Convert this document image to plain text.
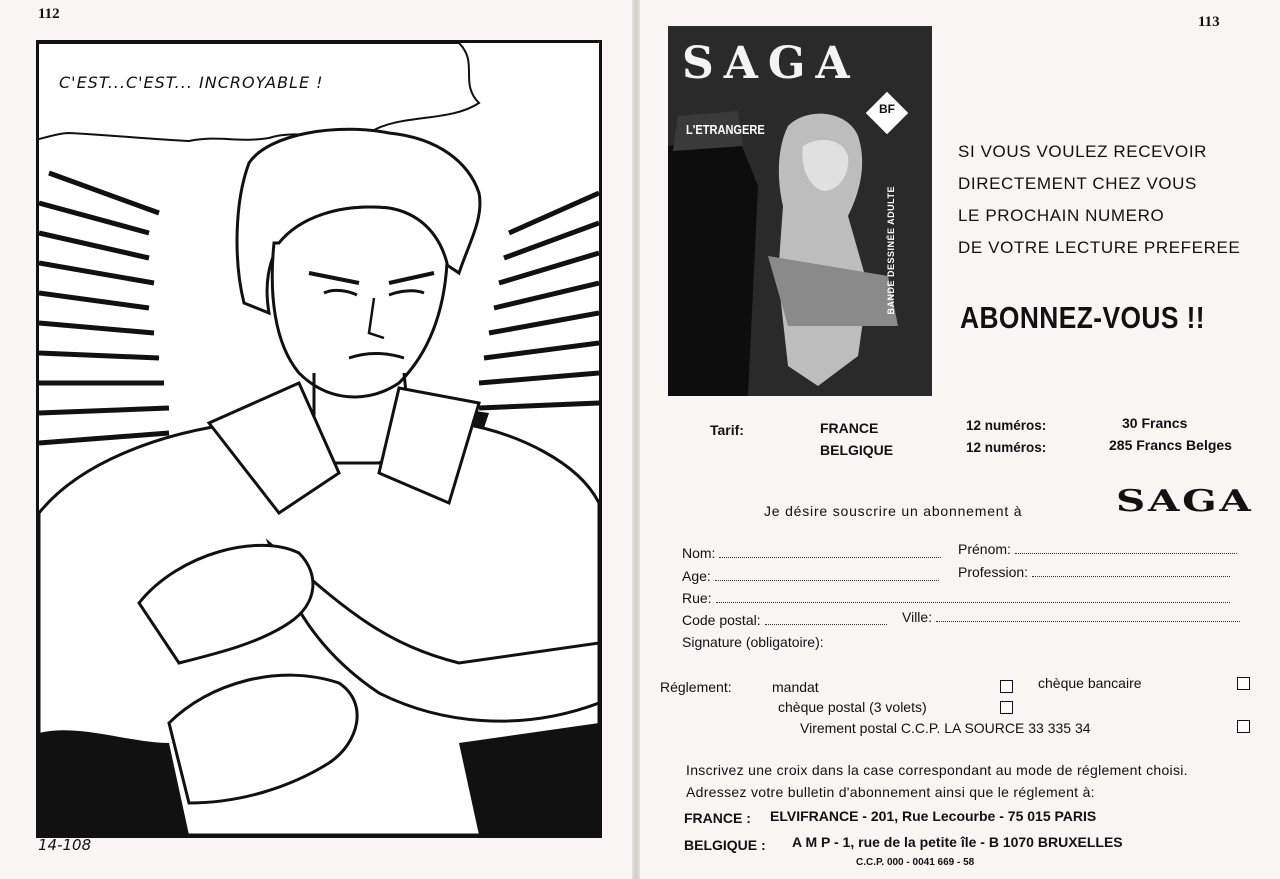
112
C'EST...C'EST... INCROYABLE !
14-108
113
SAGA
L'ETRANGERE
BF
BANDE DESSINÉE ADULTE
SI VOUS VOULEZ RECEVOIR
DIRECTEMENT CHEZ VOUS
LE PROCHAIN NUMERO
DE VOTRE LECTURE PREFEREE
ABONNEZ-VOUS !!
Tarif:	FRANCE	12 numéros:	30 Francs
BELGIQUE	12 numéros:	285 Francs Belges
Je désire souscrire un abonnement à	SAGA
Nom:	Prénom:
Age:	Profession:
Rue:
Code postal:	Ville:
Signature (obligatoire):
Réglement:	mandat	chèque bancaire
chèque postal (3 volets)
Virement postal C.C.P. LA SOURCE 33 335 34
Inscrivez une croix dans la case correspondant au mode de réglement choisi.
Adressez votre bulletin d'abonnement ainsi que le réglement à:
FRANCE : ELVIFRANCE - 201, Rue Lecourbe - 75 015 PARIS
BELGIQUE : A M P - 1, rue de la petite île - B 1070 BRUXELLES
C.C.P. 000 - 0041 669 - 58
